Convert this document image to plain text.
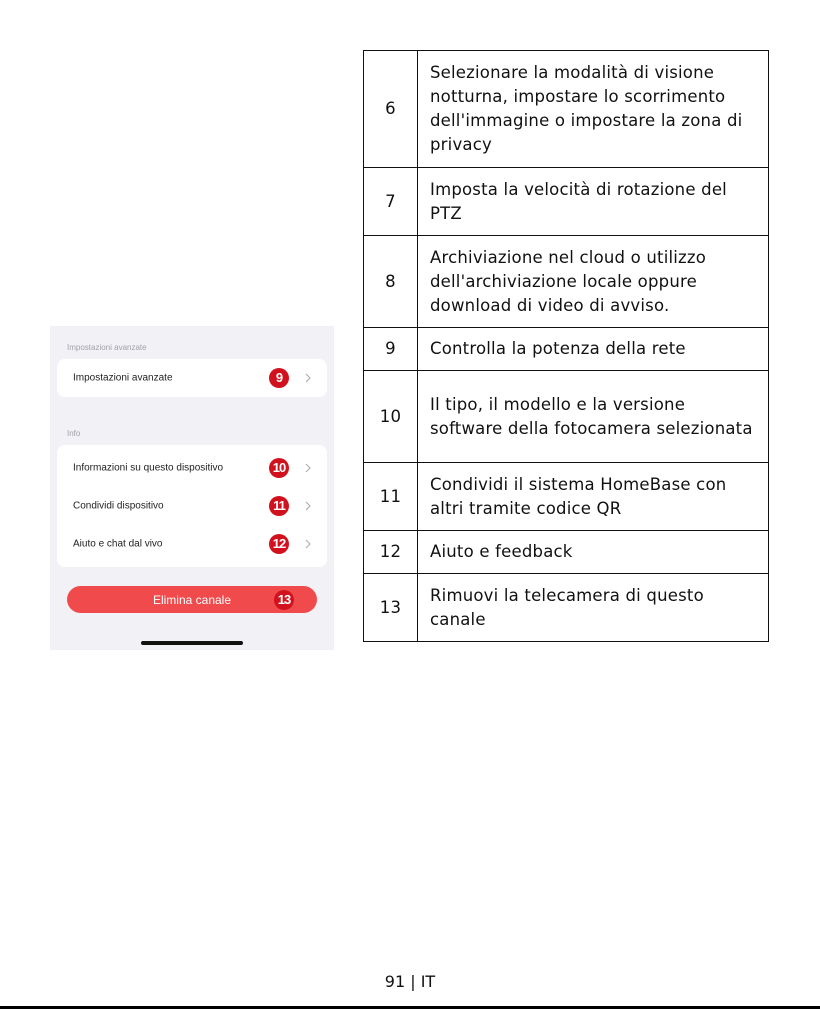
Impostazioni avanzate
Impostazioni avanzate	9
Info
Informazioni su questo dispositivo	10
Condividi dispositivo	11
Aiuto e chat dal vivo	12
Elimina canale	13
6	Selezionare la modalità di visione notturna, impostare lo scorrimento dell'immagine o impostare la zona di privacy
7	Imposta la velocità di rotazione del PTZ
8	Archiviazione nel cloud o utilizzo dell'archiviazione locale oppure download di video di avviso.
9	Controlla la potenza della rete
10	Il tipo, il modello e la versione software della fotocamera selezionata
11	Condividi il sistema HomeBase con altri tramite codice QR
12	Aiuto e feedback
13	Rimuovi la telecamera di questo canale
91 | IT
